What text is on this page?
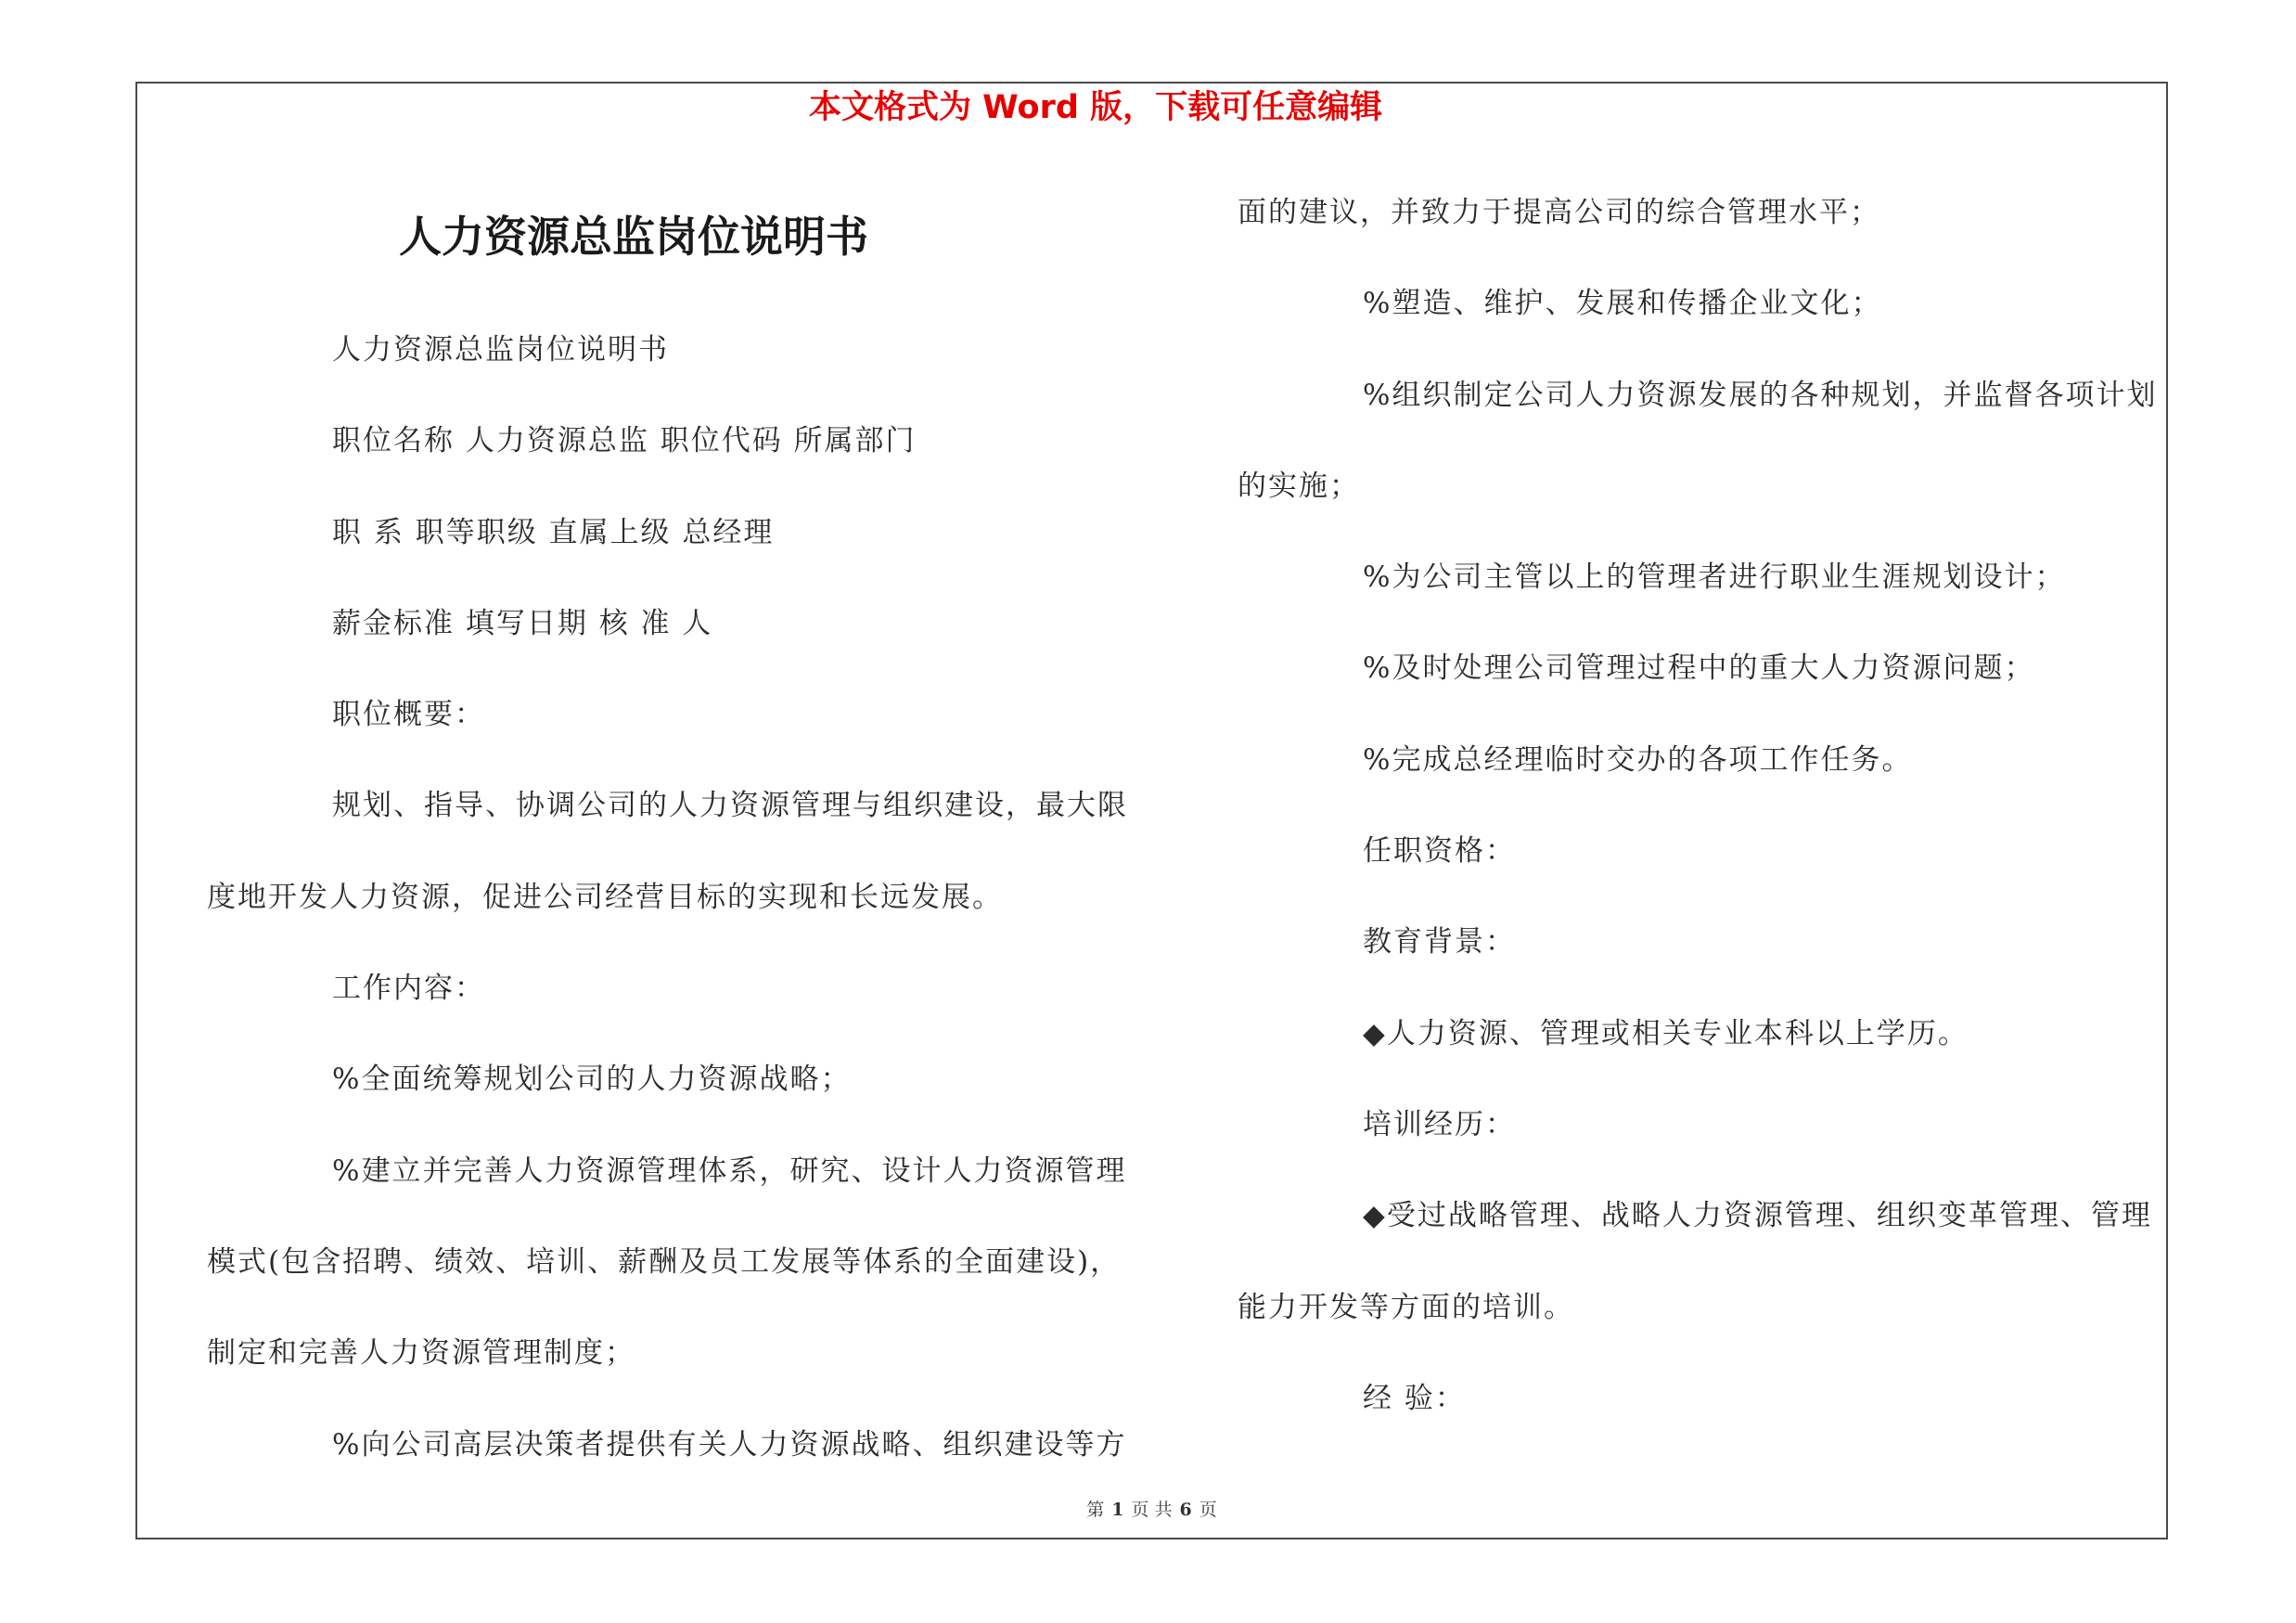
本文格式为 Word 版，下载可任意编辑
人力资源总监岗位说明书
人力资源总监岗位说明书
职位名称 人力资源总监 职位代码 所属部门
职 系 职等职级 直属上级 总经理
薪金标准 填写日期 核 准 人
职位概要：
规划、指导、协调公司的人力资源管理与组织建设，最大限
度地开发人力资源，促进公司经营目标的实现和长远发展。
工作内容：
%全面统筹规划公司的人力资源战略；
%建立并完善人力资源管理体系，研究、设计人力资源管理
模式(包含招聘、绩效、培训、薪酬及员工发展等体系的全面建设)，
制定和完善人力资源管理制度；
%向公司高层决策者提供有关人力资源战略、组织建设等方
面的建议，并致力于提高公司的综合管理水平；
%塑造、维护、发展和传播企业文化；
%组织制定公司人力资源发展的各种规划，并监督各项计划
的实施；
%为公司主管以上的管理者进行职业生涯规划设计；
%及时处理公司管理过程中的重大人力资源问题；
%完成总经理临时交办的各项工作任务。
任职资格：
教育背景：
◆人力资源、管理或相关专业本科以上学历。
培训经历：
◆受过战略管理、战略人力资源管理、组织变革管理、管理
能力开发等方面的培训。
经 验：
第 1 页 共 6 页
